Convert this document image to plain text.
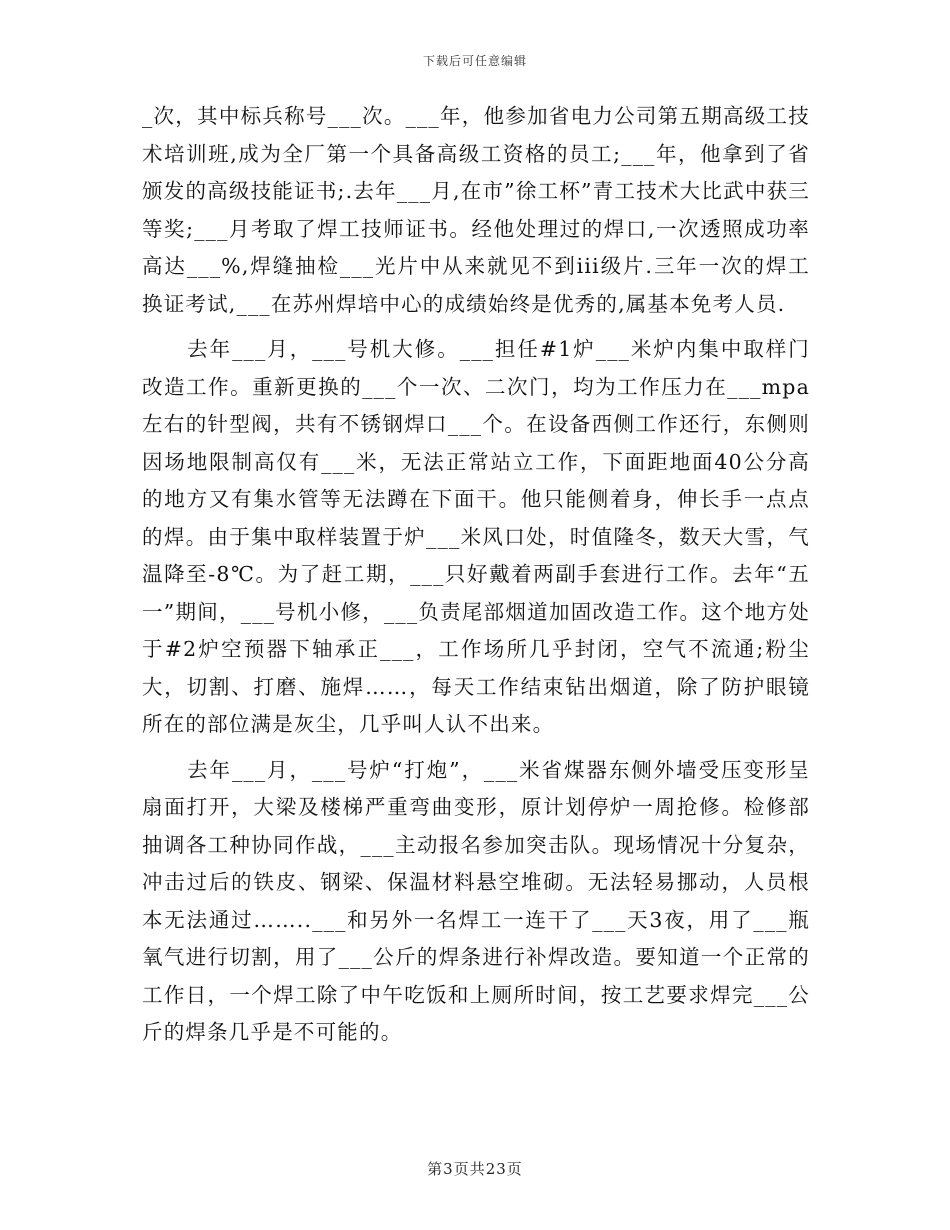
下载后可任意编辑

_次，其中标兵称号___次。___年，他参加省电力公司第五期高级工技术培训班,成为全厂第一个具备高级工资格的员工;___年，他拿到了省颁发的高级技能证书;.去年___月,在市”徐工杯”青工技术大比武中获三等奖;___月考取了焊工技师证书。经他处理过的焊口,一次透照成功率高达___%,焊缝抽检___光片中从来就见不到iii级片.三年一次的焊工换证考试,___在苏州焊培中心的成绩始终是优秀的,属基本免考人员.

去年___月，___号机大修。___担任#1炉___米炉内集中取样门改造工作。重新更换的___个一次、二次门，均为工作压力在___mpa左右的针型阀，共有不锈钢焊口___个。在设备西侧工作还行，东侧则因场地限制高仅有___米，无法正常站立工作，下面距地面40公分高的地方又有集水管等无法蹲在下面干。他只能侧着身，伸长手一点点的焊。由于集中取样装置于炉___米风口处，时值隆冬，数天大雪，气温降至-8℃。为了赶工期，___只好戴着两副手套进行工作。去年“五一”期间，___号机小修，___负责尾部烟道加固改造工作。这个地方处于#2炉空预器下轴承正___，工作场所几乎封闭，空气不流通;粉尘大，切割、打磨、施焊……，每天工作结束钻出烟道，除了防护眼镜所在的部位满是灰尘，几乎叫人认不出来。

去年___月，___号炉“打炮”，___米省煤器东侧外墙受压变形呈扇面打开，大梁及楼梯严重弯曲变形，原计划停炉一周抢修。检修部抽调各工种协同作战，___主动报名参加突击队。现场情况十分复杂，冲击过后的铁皮、钢梁、保温材料悬空堆砌。无法轻易挪动，人员根本无法通过……..___和另外一名焊工一连干了___天3夜，用了___瓶氧气进行切割，用了___公斤的焊条进行补焊改造。要知道一个正常的工作日，一个焊工除了中午吃饭和上厕所时间，按工艺要求焊完___公斤的焊条几乎是不可能的。

第3页共23页
